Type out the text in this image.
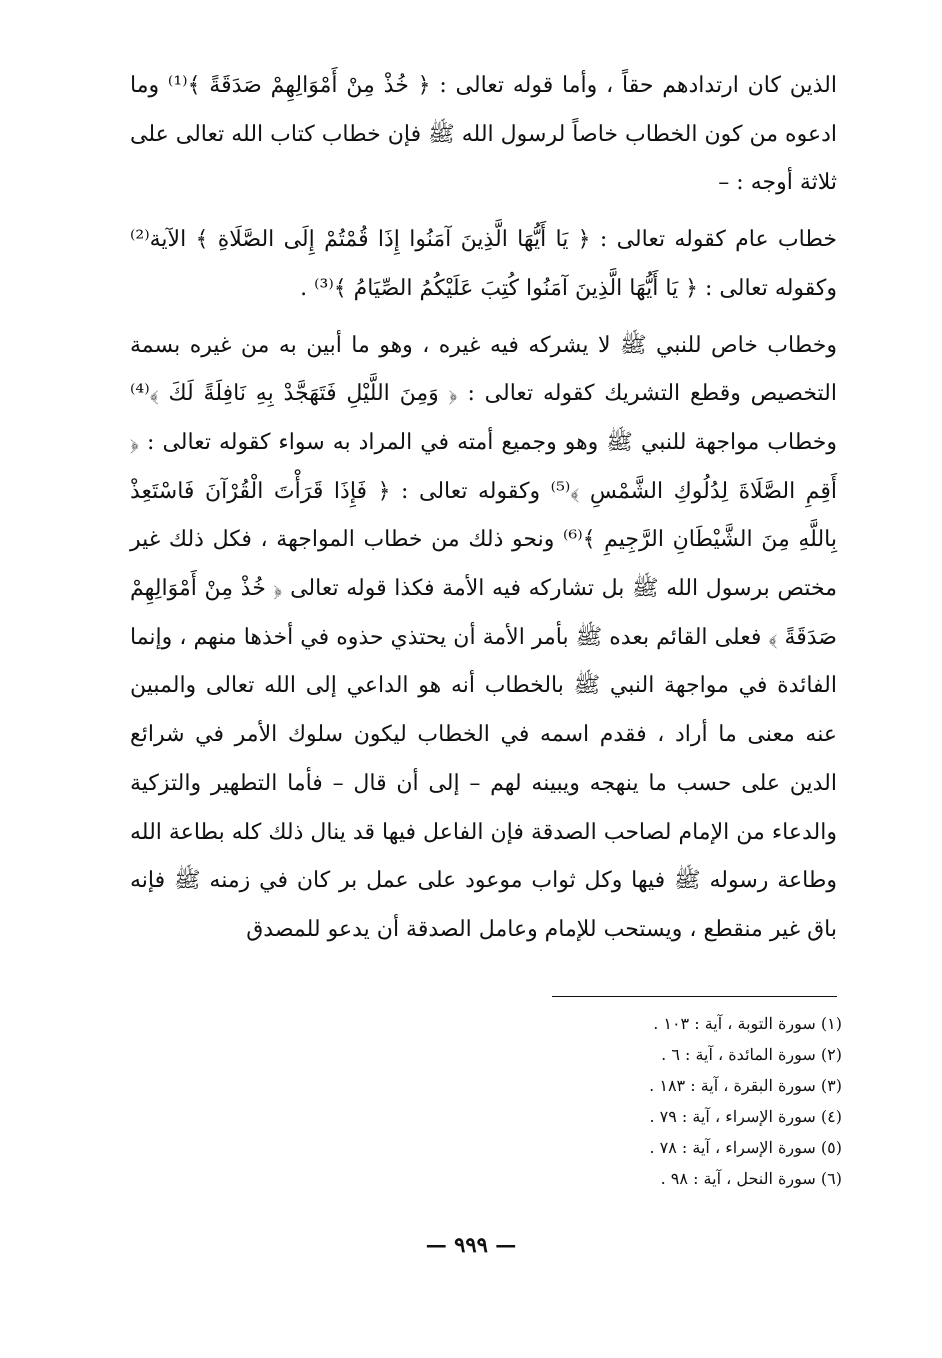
الذين كان ارتدادهم حقاً ، وأما قوله تعالى : ﴿ خُذْ مِنْ أَمْوَالِهِمْ صَدَقَةً ﴾⁽¹⁾ وما ادعوه من كون الخطاب خاصاً لرسول الله ﷺ فإن خطاب كتاب الله تعالى على ثلاثة أوجه : –

خطاب عام كقوله تعالى : ﴿ يَا أَيُّهَا الَّذِينَ آمَنُوا إِذَا قُمْتُمْ إِلَى الصَّلَاةِ ﴾ الآية⁽²⁾ وكقوله تعالى : ﴿ يَا أَيُّهَا الَّذِينَ آمَنُوا كُتِبَ عَلَيْكُمُ الصِّيَامُ ﴾⁽³⁾ .

وخطاب خاص للنبي ﷺ لا يشركه فيه غيره ، وهو ما أبين به من غيره بسمة التخصيص وقطع التشريك كقوله تعالى : ﴿ وَمِنَ اللَّيْلِ فَتَهَجَّدْ بِهِ نَافِلَةً لَكَ ﴾⁽⁴⁾ وخطاب مواجهة للنبي ﷺ وهو وجميع أمته في المراد به سواء كقوله تعالى : ﴿ أَقِمِ الصَّلَاةَ لِدُلُوكِ الشَّمْسِ ﴾⁽⁵⁾ وكقوله تعالى : ﴿ فَإِذَا قَرَأْتَ الْقُرْآنَ فَاسْتَعِذْ بِاللَّهِ مِنَ الشَّيْطَانِ الرَّجِيمِ ﴾⁽⁶⁾ ونحو ذلك من خطاب المواجهة ، فكل ذلك غير مختص برسول الله ﷺ بل تشاركه فيه الأمة فكذا قوله تعالى ﴿ خُذْ مِنْ أَمْوَالِهِمْ صَدَقَةً ﴾ فعلى القائم بعده ﷺ بأمر الأمة أن يحتذي حذوه في أخذها منهم ، وإنما الفائدة في مواجهة النبي ﷺ بالخطاب أنه هو الداعي إلى الله تعالى والمبين عنه معنى ما أراد ، فقدم اسمه في الخطاب ليكون سلوك الأمر في شرائع الدين على حسب ما ينهجه ويبينه لهم – إلى أن قال – فأما التطهير والتزكية والدعاء من الإمام لصاحب الصدقة فإن الفاعل فيها قد ينال ذلك كله بطاعة الله وطاعة رسوله ﷺ فيها وكل ثواب موعود على عمل بر كان في زمنه ﷺ فإنه باق غير منقطع ، ويستحب للإمام وعامل الصدقة أن يدعو للمصدق

(١) سورة التوبة ، آية : ١٠٣ .
(٢) سورة المائدة ، آية : ٦ .
(٣) سورة البقرة ، آية : ١٨٣ .
(٤) سورة الإسراء ، آية : ٧٩ .
(٥) سورة الإسراء ، آية : ٧٨ .
(٦) سورة النحل ، آية : ٩٨ .
— ٩٩٩ —
